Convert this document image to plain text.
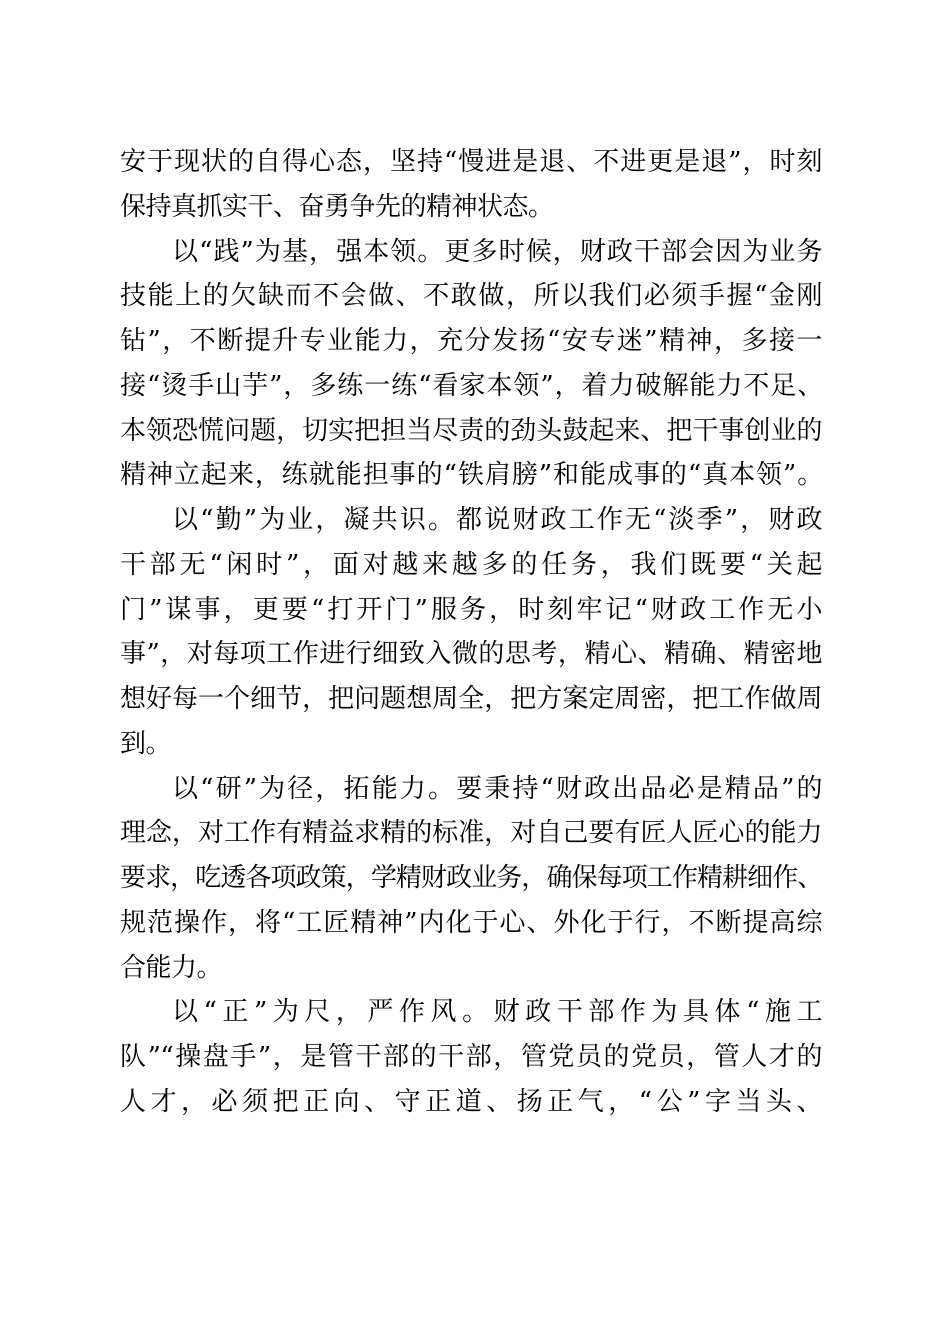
安于现状的自得心态，坚持“慢进是退、不进更是退”，时刻
保持真抓实干、奋勇争先的精神状态。
以“践”为基，强本领。更多时候，财政干部会因为业务
技能上的欠缺而不会做、不敢做，所以我们必须手握“金刚
钻”，不断提升专业能力，充分发扬“安专迷”精神，多接一
接“烫手山芋”，多练一练“看家本领”，着力破解能力不足、
本领恐慌问题，切实把担当尽责的劲头鼓起来、把干事创业的
精神立起来，练就能担事的“铁肩膀”和能成事的“真本领”。
以“勤”为业，凝共识。都说财政工作无“淡季”，财政
干部无“闲时”，面对越来越多的任务，我们既要“关起
门”谋事，更要“打开门”服务，时刻牢记“财政工作无小
事”，对每项工作进行细致入微的思考，精心、精确、精密地
想好每一个细节，把问题想周全，把方案定周密，把工作做周
到。
以“研”为径，拓能力。要秉持“财政出品必是精品”的
理念，对工作有精益求精的标准，对自己要有匠人匠心的能力
要求，吃透各项政策，学精财政业务，确保每项工作精耕细作、
规范操作，将“工匠精神”内化于心、外化于行，不断提高综
合能力。
以“正”为尺，严作风。财政干部作为具体“施工
队”“操盘手”，是管干部的干部，管党员的党员，管人才的
人才，必须把正向、守正道、扬正气，“公”字当头、
